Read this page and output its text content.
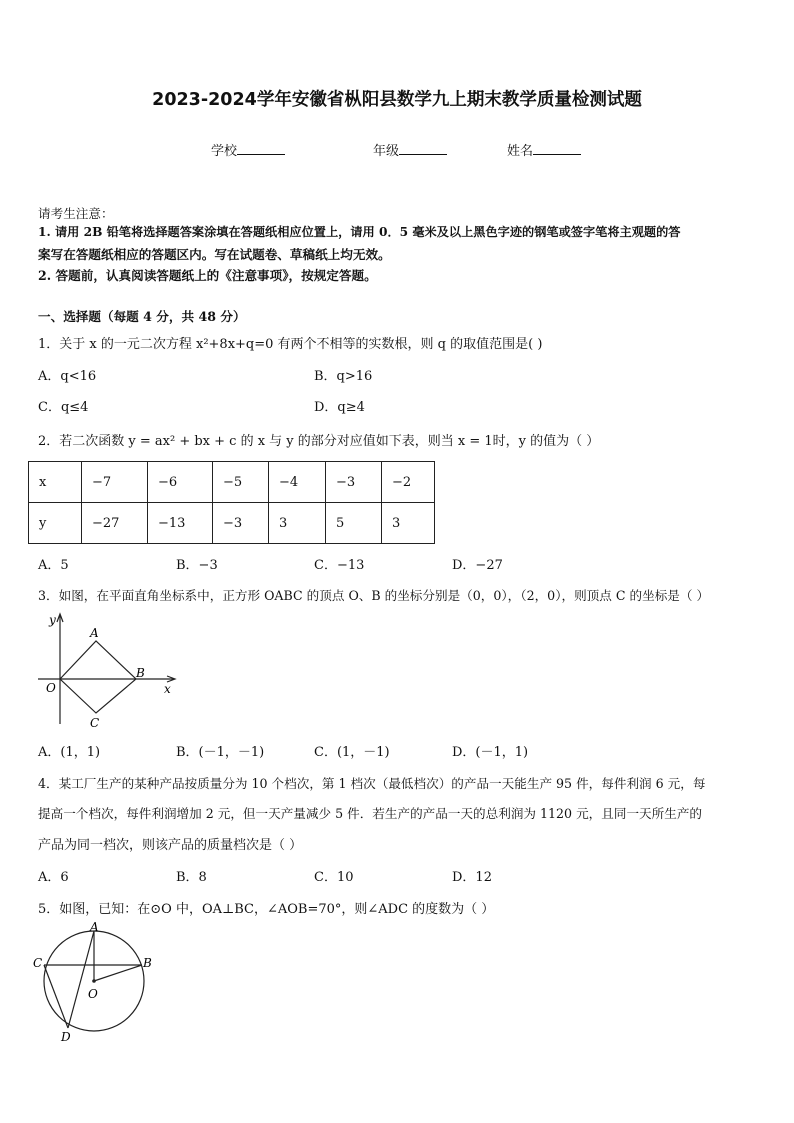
2023-2024学年安徽省枞阳县数学九上期末教学质量检测试题
学校	年级	姓名
请考生注意：
1. 请用 2B 铅笔将选择题答案涂填在答题纸相应位置上，请用 0．5 毫米及以上黑色字迹的钢笔或签字笔将主观题的答
案写在答题纸相应的答题区内。写在试题卷、草稿纸上均无效。
2. 答题前，认真阅读答题纸上的《注意事项》，按规定答题。
一、选择题（每题 4 分，共 48 分）
1．关于 x 的一元二次方程 x²+8x+q=0 有两个不相等的实数根，则 q 的取值范围是( )
A．q<16	B．q>16
C．q≤4	D．q≥4
2．若二次函数 y = ax² + bx + c 的 x 与 y 的部分对应值如下表，则当 x = 1时，y 的值为（ ）
x	−7	−6	−5	−4	−3	−2
y	−27	−13	−3	3	5	3
A．5	B．−3	C．−13	D．−27
3．如图，在平面直角坐标系中，正方形 OABC 的顶点 O、B 的坐标分别是（0，0），（2，0），则顶点 C 的坐标是（ ）
y
x
O
A
B
C
A．(1，1)	B．(－1，－1)	C．(1，－1)	D．(－1，1)
4．某工厂生产的某种产品按质量分为 10 个档次，第 1 档次（最低档次）的产品一天能生产 95 件，每件利润 6 元，每
提高一个档次，每件利润增加 2 元，但一天产量减少 5 件．若生产的产品一天的总利润为 1120 元，且同一天所生产的
产品为同一档次，则该产品的质量档次是（ ）
A．6	B．8	C．10	D．12
5．如图，已知：在⊙O 中，OA⊥BC，∠AOB=70°，则∠ADC 的度数为（ ）
A
B
C
D
O
